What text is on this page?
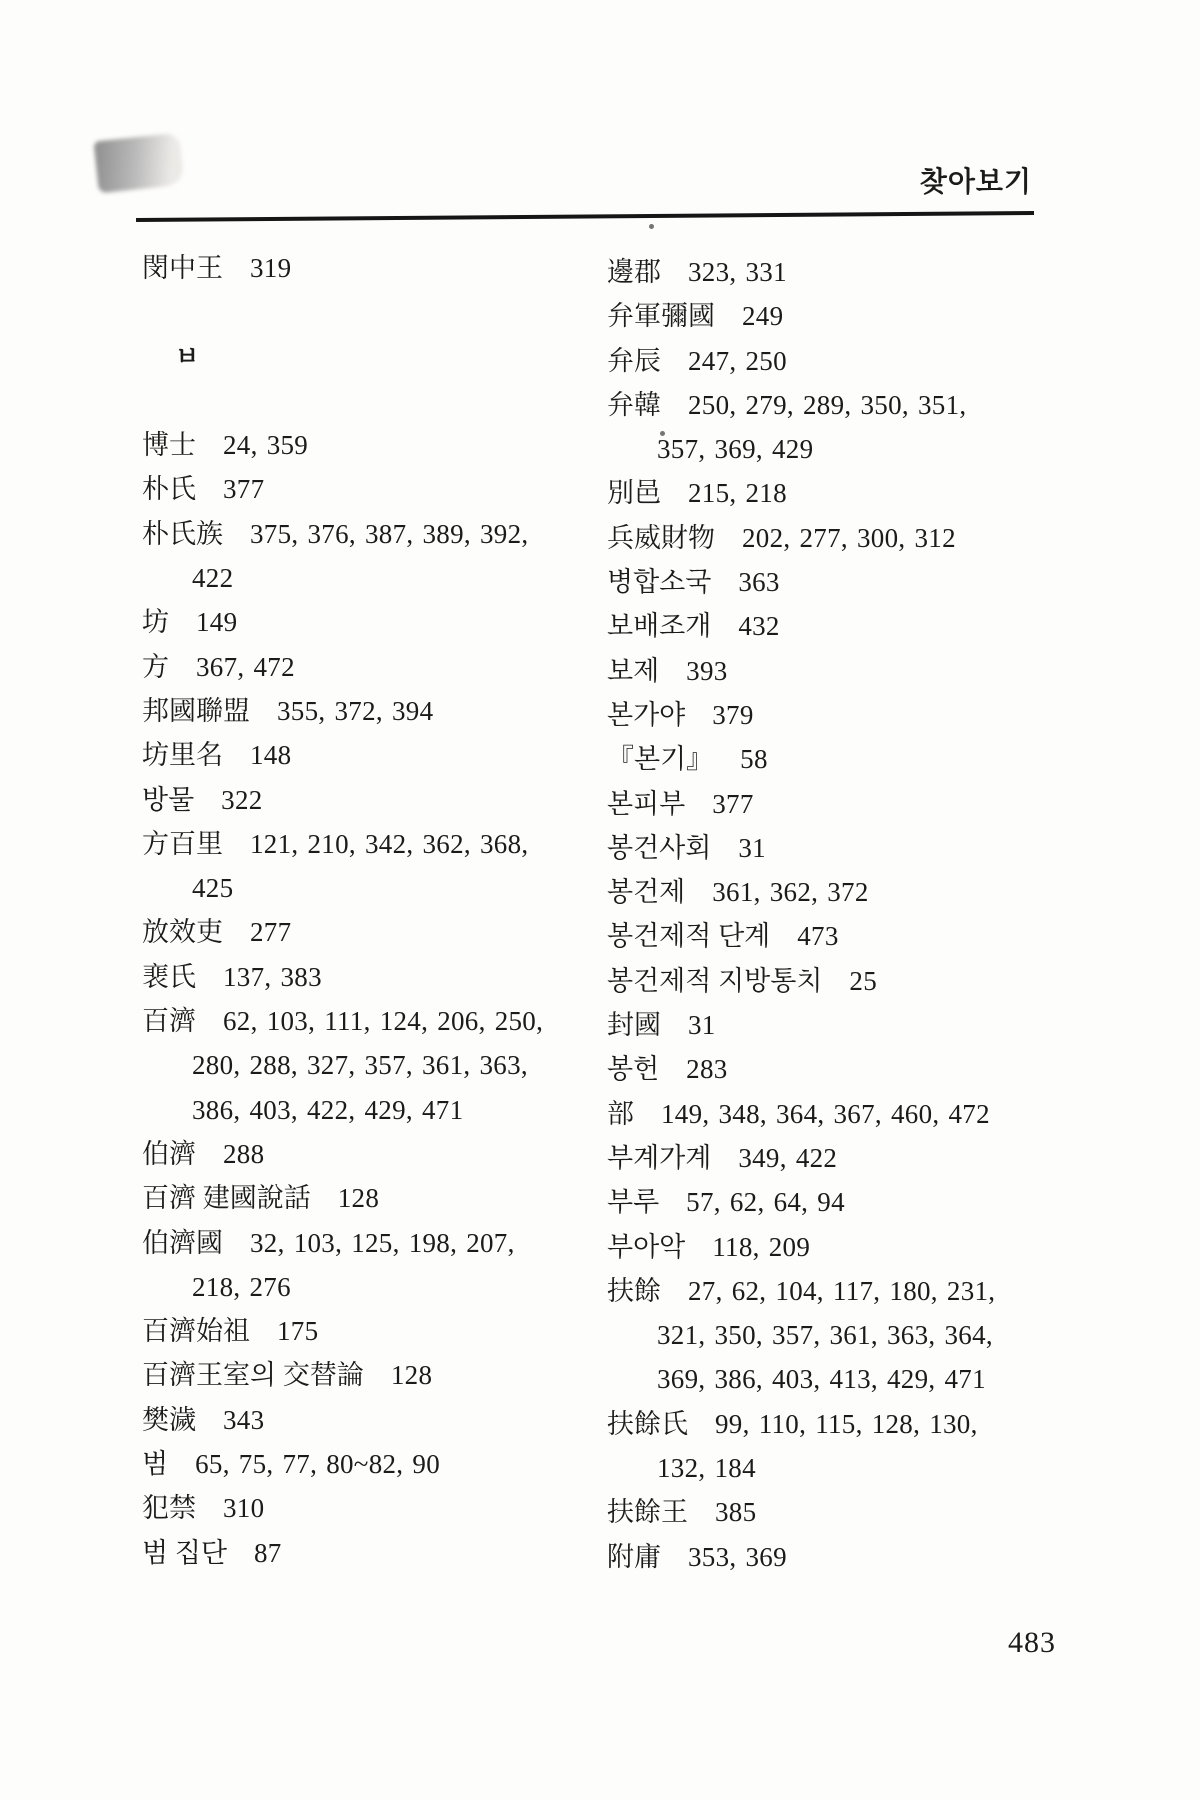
찾아보기
閔中王 319
ㅂ
博士 24, 359
朴氏 377
朴氏族 375, 376, 387, 389, 392,
422
坊 149
方 367, 472
邦國聯盟 355, 372, 394
坊里名 148
방물 322
方百里 121, 210, 342, 362, 368,
425
放效吏 277
裵氏 137, 383
百濟 62, 103, 111, 124, 206, 250,
280, 288, 327, 357, 361, 363,
386, 403, 422, 429, 471
伯濟 288
百濟 建國說話 128
伯濟國 32, 103, 125, 198, 207,
218, 276
百濟始祖 175
百濟王室의 交替論 128
樊濊 343
범 65, 75, 77, 80~82, 90
犯禁 310
범 집단 87
邊郡 323, 331
弁軍彌國 249
弁辰 247, 250
弁韓 250, 279, 289, 350, 351,
357, 369, 429
別邑 215, 218
兵威財物 202, 277, 300, 312
병합소국 363
보배조개 432
보제 393
본가야 379
『본기』 58
본피부 377
봉건사회 31
봉건제 361, 362, 372
봉건제적 단계 473
봉건제적 지방통치 25
封國 31
봉헌 283
部 149, 348, 364, 367, 460, 472
부계가계 349, 422
부루 57, 62, 64, 94
부아악 118, 209
扶餘 27, 62, 104, 117, 180, 231,
321, 350, 357, 361, 363, 364,
369, 386, 403, 413, 429, 471
扶餘氏 99, 110, 115, 128, 130,
132, 184
扶餘王 385
附庸 353, 369
483
